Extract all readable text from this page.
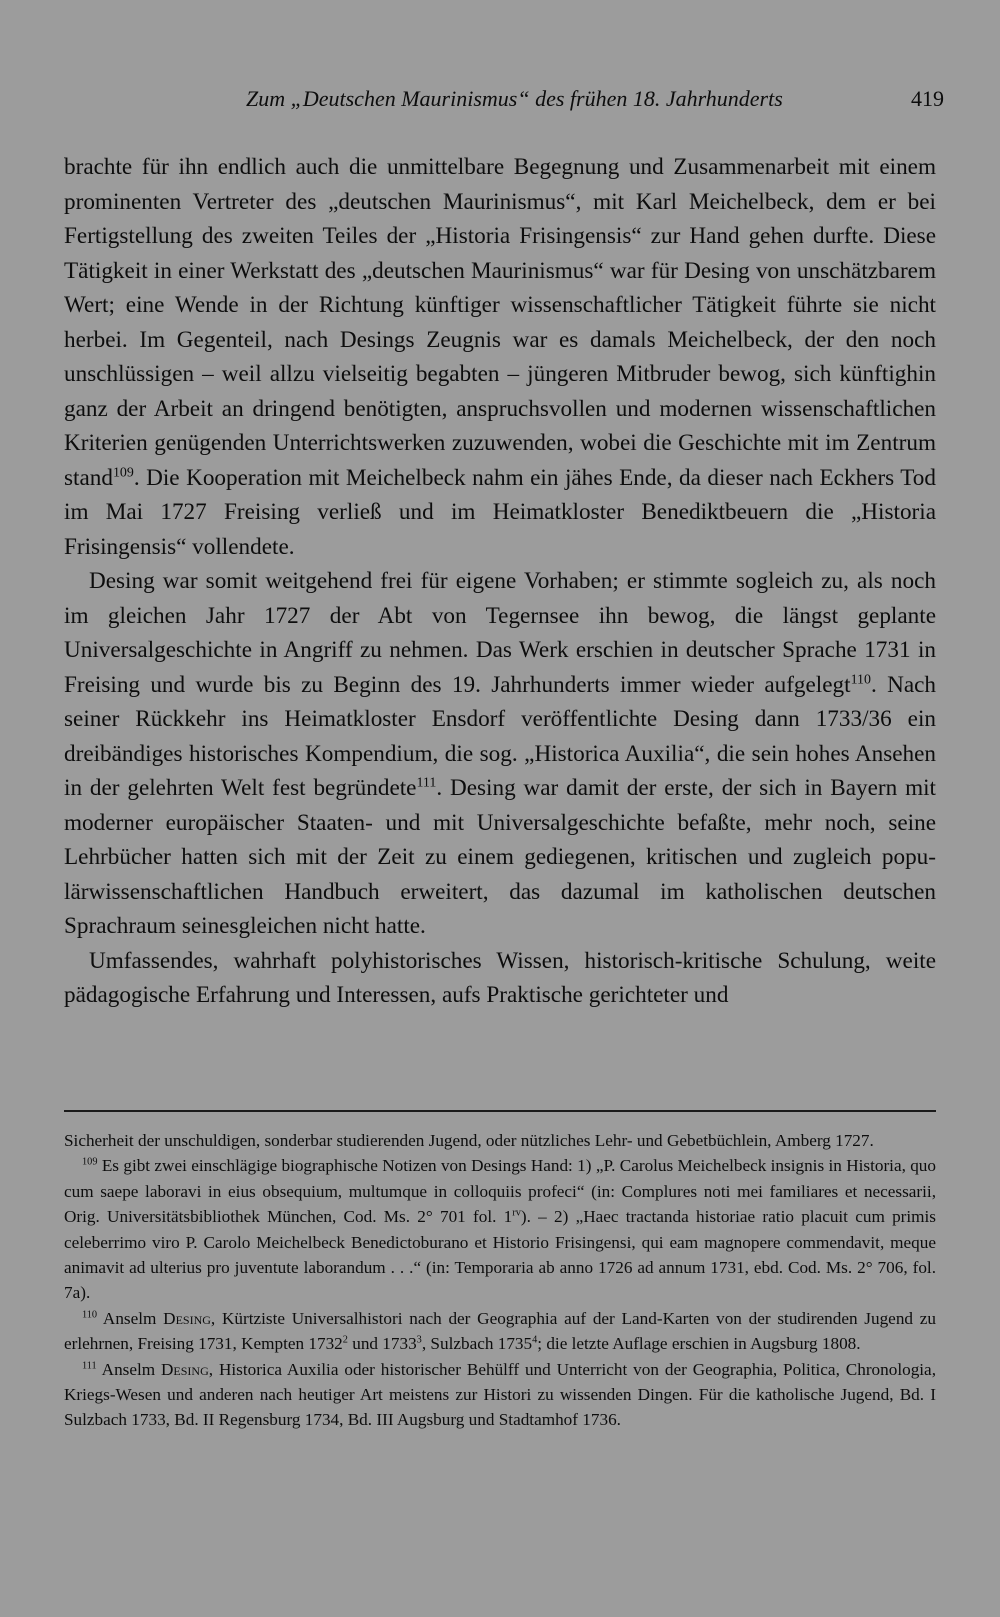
Zum „Deutschen Maurinismus“ des frühen 18. Jahrhunderts	419

brachte für ihn endlich auch die unmittelbare Begegnung und Zusammenarbeit mit einem prominenten Vertreter des „deutschen Maurinismus“, mit Karl Meichelbeck, dem er bei Fertigstellung des zweiten Teiles der „Historia Frisingensis“ zur Hand gehen durfte. Diese Tätigkeit in einer Werkstatt des „deutschen Maurinismus“ war für Desing von unschätzbarem Wert; eine Wende in der Richtung künftiger wissenschaftlicher Tätigkeit führte sie nicht herbei. Im Gegenteil, nach Desings Zeugnis war es damals Meichelbeck, der den noch unschlüssigen – weil allzu vielseitig begabten – jüngeren Mitbruder bewog, sich künftighin ganz der Arbeit an dringend benötigten, anspruchsvollen und modernen wissenschaftlichen Kriterien genügenden Unterrichtswerken zuzuwenden, wobei die Geschichte mit im Zentrum stand$^{109}$. Die Kooperation mit Meichelbeck nahm ein jähes Ende, da dieser nach Eckhers Tod im Mai 1727 Freising verließ und im Heimatkloster Benediktbeuern die „Historia Frisingensis“ vollendete.

Desing war somit weitgehend frei für eigene Vorhaben; er stimmte sogleich zu, als noch im gleichen Jahr 1727 der Abt von Tegernsee ihn bewog, die längst geplante Universalgeschichte in Angriff zu nehmen. Das Werk erschien in deutscher Sprache 1731 in Freising und wurde bis zu Beginn des 19. Jahrhunderts immer wieder aufgelegt$^{110}$. Nach seiner Rückkehr ins Heimatkloster Ensdorf veröffentlichte Desing dann 1733/36 ein dreibändiges historisches Kompendium, die sog. „Historica Auxilia“, die sein hohes Ansehen in der gelehrten Welt fest begründete$^{111}$. Desing war damit der erste, der sich in Bayern mit moderner europäischer Staaten- und mit Universalgeschichte befaßte, mehr noch, seine Lehrbücher hatten sich mit der Zeit zu einem gediegenen, kritischen und zugleich populärwissenschaftlichen Handbuch erweitert, das dazumal im katholischen deutschen Sprachraum seinesgleichen nicht hatte.

Umfassendes, wahrhaft polyhistorisches Wissen, historisch-kritische Schulung, weite pädagogische Erfahrung und Interessen, aufs Praktische gerichteter und

Sicherheit der unschuldigen, sonderbar studierenden Jugend, oder nützliches Lehr- und Gebetbüchlein, Amberg 1727.

$^{109}$ Es gibt zwei einschlägige biographische Notizen von Desings Hand: 1) „P. Carolus Meichelbeck insignis in Historia, quo cum saepe laboravi in eius obsequium, multumque in colloquiis profeci“ (in: Complures noti mei familiares et necessarii, Orig. Universitätsbibliothek München, Cod. Ms. 2° 701 fol. $1^{rv}$). – 2) „Haec tractanda historiae ratio placuit cum primis celeberrimo viro P. Carolo Meichelbeck Benedictoburano et Historio Frisingensi, qui eam magnopere commendavit, meque animavit ad ulterius pro juventute laborandum . . .“ (in: Temporaria ab anno 1726 ad annum 1731, ebd. Cod. Ms. 2° 706, fol. 7a).

$^{110}$ Anselm Desing, Kürtziste Universalhistori nach der Geographia auf der Land-Karten von der studirenden Jugend zu erlehrnen, Freising 1731, Kempten 1732$^2$ und 1733$^3$, Sulzbach 1735$^4$; die letzte Auflage erschien in Augsburg 1808.

$^{111}$ Anselm Desing, Historica Auxilia oder historischer Behülff und Unterricht von der Geographia, Politica, Chronologia, Kriegs-Wesen und anderen nach heutiger Art meistens zur Histori zu wissenden Dingen. Für die katholische Jugend, Bd. I Sulzbach 1733, Bd. II Regensburg 1734, Bd. III Augsburg und Stadtamhof 1736.
